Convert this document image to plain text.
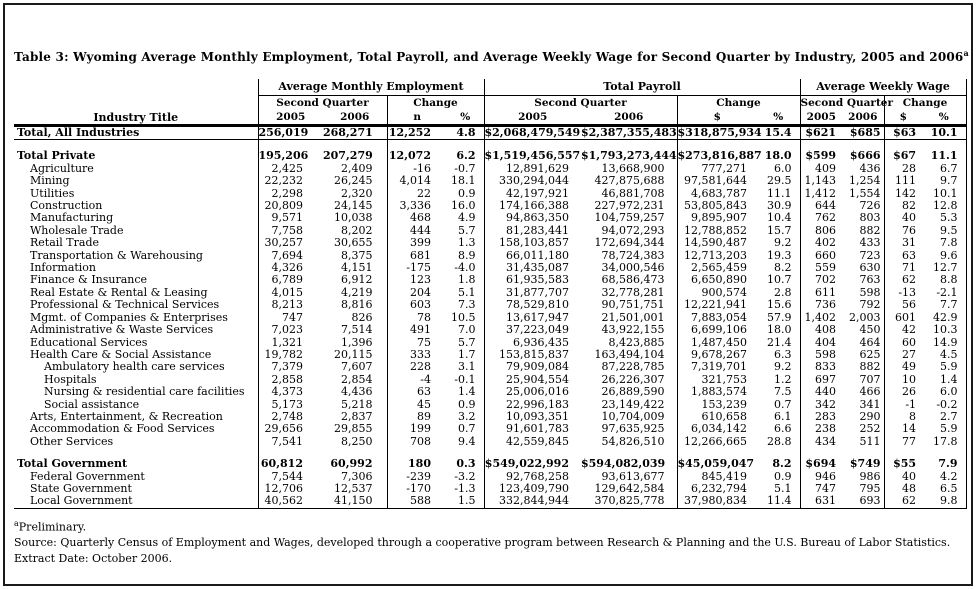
Table 3: Wyoming Average Monthly Employment, Total Payroll, and Average Weekly Wage for Second Quarter by Industry, 2005 and 2006$^a$
	Average Monthly Employment				Total Payroll				Average Weekly Wage			
	Second Quarter		Change		Second Quarter		Change		Second Quarter		Change	
Industry Title	2005	2006	n	%	2005	2006	$	%	2005	2006	$	%
Total, All Industries	256,019	268,271	12,252	4.8	$2,068,479,549	$2,387,355,483	$318,875,934	15.4	$621	$685	$63	10.1

Total Private	195,206	207,279	12,072	6.2	$1,519,456,557	$1,793,273,444	$273,816,887	18.0	$599	$666	$67	11.1
Agriculture	2,425	2,409	-16	-0.7	12,891,629	13,668,900	777,271	6.0	409	436	28	6.7
Mining	22,232	26,245	4,014	18.1	330,294,044	427,875,688	97,581,644	29.5	1,143	1,254	111	9.7
Utilities	2,298	2,320	22	0.9	42,197,921	46,881,708	4,683,787	11.1	1,412	1,554	142	10.1
Construction	20,809	24,145	3,336	16.0	174,166,388	227,972,231	53,805,843	30.9	644	726	82	12.8
Manufacturing	9,571	10,038	468	4.9	94,863,350	104,759,257	9,895,907	10.4	762	803	40	5.3
Wholesale Trade	7,758	8,202	444	5.7	81,283,441	94,072,293	12,788,852	15.7	806	882	76	9.5
Retail Trade	30,257	30,655	399	1.3	158,103,857	172,694,344	14,590,487	9.2	402	433	31	7.8
Transportation & Warehousing	7,694	8,375	681	8.9	66,011,180	78,724,383	12,713,203	19.3	660	723	63	9.6
Information	4,326	4,151	-175	-4.0	31,435,087	34,000,546	2,565,459	8.2	559	630	71	12.7
Finance & Insurance	6,789	6,912	123	1.8	61,935,583	68,586,473	6,650,890	10.7	702	763	62	8.8
Real Estate & Rental & Leasing	4,015	4,219	204	5.1	31,877,707	32,778,281	900,574	2.8	611	598	-13	-2.1
Professional & Technical Services	8,213	8,816	603	7.3	78,529,810	90,751,751	12,221,941	15.6	736	792	56	7.7
Mgmt. of Companies & Enterprises	747	826	78	10.5	13,617,947	21,501,001	7,883,054	57.9	1,402	2,003	601	42.9
Administrative & Waste Services	7,023	7,514	491	7.0	37,223,049	43,922,155	6,699,106	18.0	408	450	42	10.3
Educational Services	1,321	1,396	75	5.7	6,936,435	8,423,885	1,487,450	21.4	404	464	60	14.9
Health Care & Social Assistance	19,782	20,115	333	1.7	153,815,837	163,494,104	9,678,267	6.3	598	625	27	4.5
Ambulatory health care services	7,379	7,607	228	3.1	79,909,084	87,228,785	7,319,701	9.2	833	882	49	5.9
Hospitals	2,858	2,854	-4	-0.1	25,904,554	26,226,307	321,753	1.2	697	707	10	1.4
Nursing & residential care facilities	4,373	4,436	63	1.4	25,006,016	26,889,590	1,883,574	7.5	440	466	26	6.0
Social assistance	5,173	5,218	45	0.9	22,996,183	23,149,422	153,239	0.7	342	341	-1	-0.2
Arts, Entertainment, & Recreation	2,748	2,837	89	3.2	10,093,351	10,704,009	610,658	6.1	283	290	8	2.7
Accommodation & Food Services	29,656	29,855	199	0.7	91,601,783	97,635,925	6,034,142	6.6	238	252	14	5.9
Other Services	7,541	8,250	708	9.4	42,559,845	54,826,510	12,266,665	28.8	434	511	77	17.8

Total Government	60,812	60,992	180	0.3	$549,022,992	$594,082,039	$45,059,047	8.2	$694	$749	$55	7.9
Federal Government	7,544	7,306	-239	-3.2	92,768,258	93,613,677	845,419	0.9	946	986	40	4.2
State Government	12,706	12,537	-170	-1.3	123,409,790	129,642,584	6,232,794	5.1	747	795	48	6.5
Local Government	40,562	41,150	588	1.5	332,844,944	370,825,778	37,980,834	11.4	631	693	62	9.8
$^a$Preliminary.
Source: Quarterly Census of Employment and Wages, developed through a cooperative program between Research & Planning and the U.S. Bureau of Labor Statistics.
Extract Date: October 2006.
